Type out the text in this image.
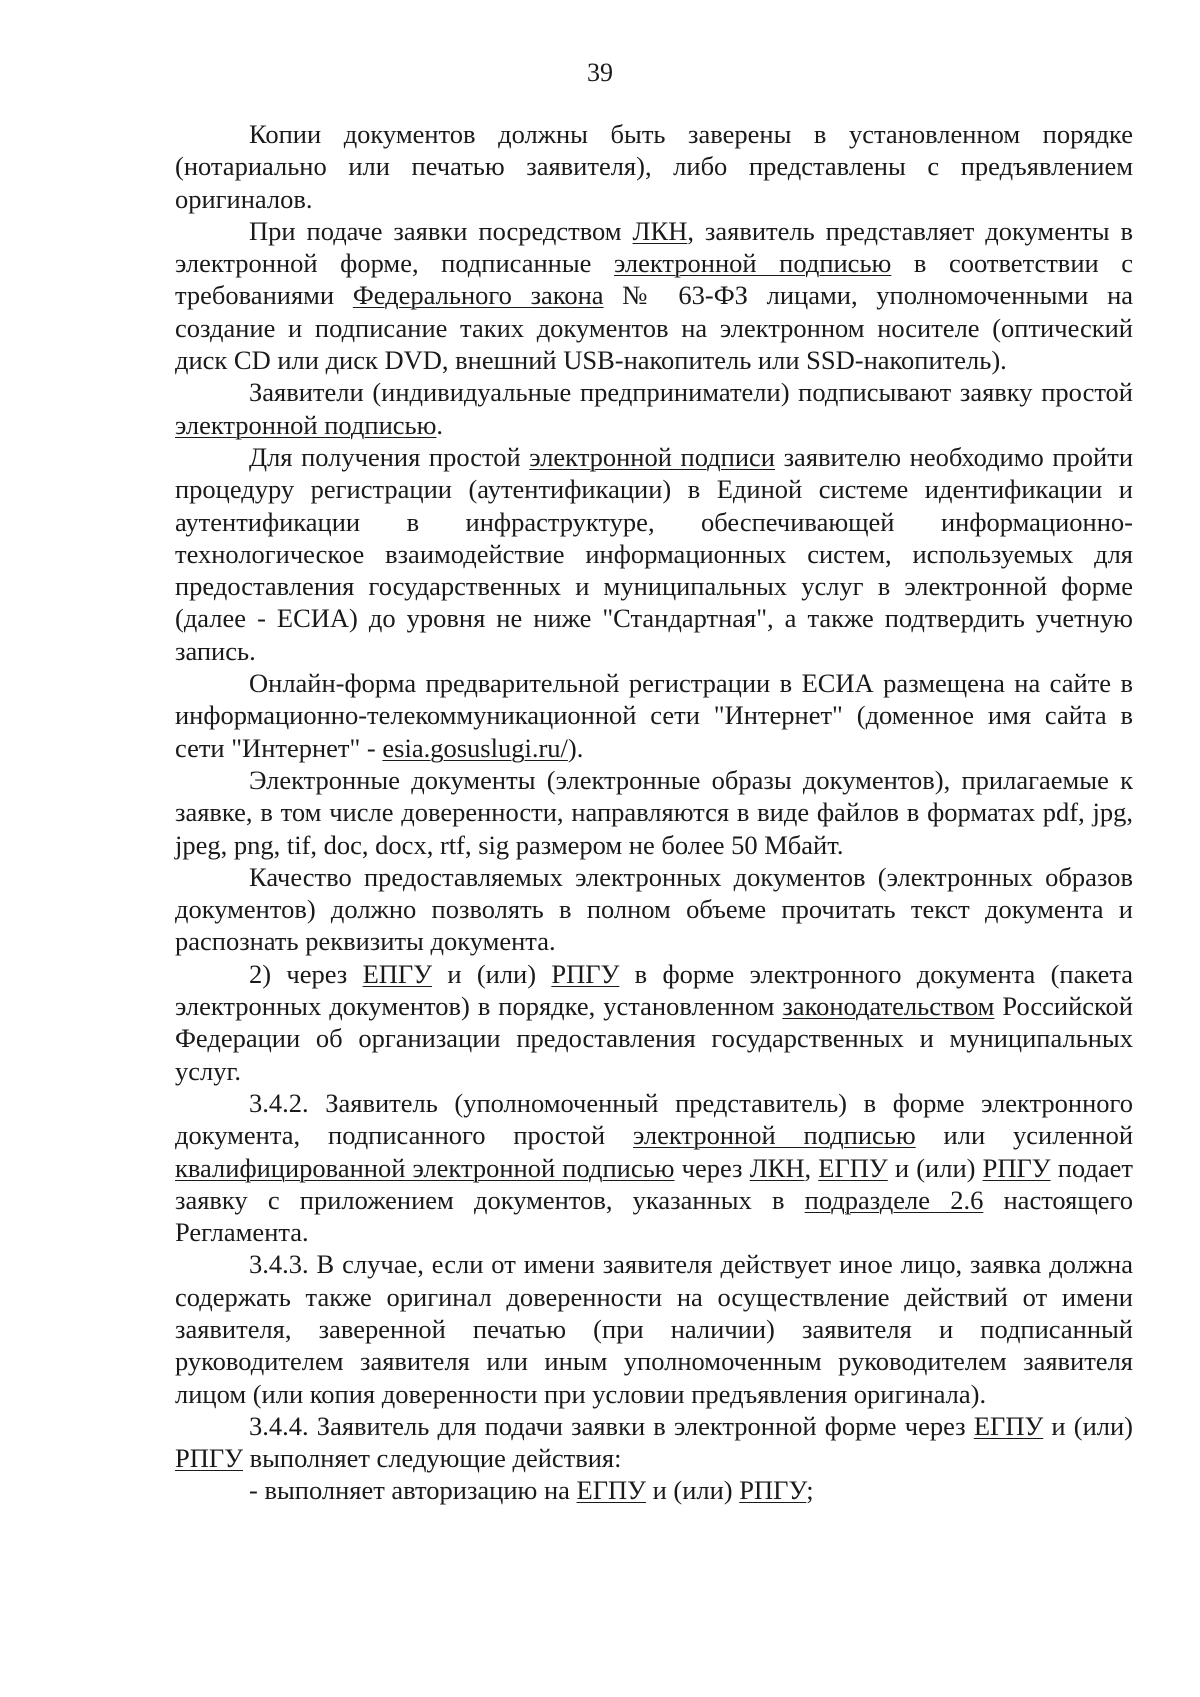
39

Копии документов должны быть заверены в установленном порядке (нотариально или печатью заявителя), либо представлены с предъявлением оригиналов.

При подаче заявки посредством ЛКН, заявитель представляет документы в электронной форме, подписанные электронной подписью в соответствии с требованиями Федерального закона № 63-ФЗ лицами, уполномоченными на создание и подписание таких документов на электронном носителе (оптический диск CD или диск DVD, внешний USB-накопитель или SSD-накопитель).

Заявители (индивидуальные предприниматели) подписывают заявку простой электронной подписью.

Для получения простой электронной подписи заявителю необходимо пройти процедуру регистрации (аутентификации) в Единой системе идентификации и аутентификации в инфраструктуре, обеспечивающей информационно-технологическое взаимодействие информационных систем, используемых для предоставления государственных и муниципальных услуг в электронной форме (далее - ЕСИА) до уровня не ниже "Стандартная", а также подтвердить учетную запись.

Онлайн-форма предварительной регистрации в ЕСИА размещена на сайте в информационно-телекоммуникационной сети "Интернет" (доменное имя сайта в сети "Интернет" - esia.gosuslugi.ru/).

Электронные документы (электронные образы документов), прилагаемые к заявке, в том числе доверенности, направляются в виде файлов в форматах pdf, jpg, jpeg, png, tif, doc, docx, rtf, sig размером не более 50 Мбайт.

Качество предоставляемых электронных документов (электронных образов документов) должно позволять в полном объеме прочитать текст документа и распознать реквизиты документа.

2) через ЕПГУ и (или) РПГУ в форме электронного документа (пакета электронных документов) в порядке, установленном законодательством Российской Федерации об организации предоставления государственных и муниципальных услуг.

3.4.2. Заявитель (уполномоченный представитель) в форме электронного документа, подписанного простой электронной подписью или усиленной квалифицированной электронной подписью через ЛКН, ЕГПУ и (или) РПГУ подает заявку с приложением документов, указанных в подразделе 2.6 настоящего Регламента.

3.4.3. В случае, если от имени заявителя действует иное лицо, заявка должна содержать также оригинал доверенности на осуществление действий от имени заявителя, заверенной печатью (при наличии) заявителя и подписанный руководителем заявителя или иным уполномоченным руководителем заявителя лицом (или копия доверенности при условии предъявления оригинала).

3.4.4. Заявитель для подачи заявки в электронной форме через ЕГПУ и (или) РПГУ выполняет следующие действия:

- выполняет авторизацию на ЕГПУ и (или) РПГУ;
